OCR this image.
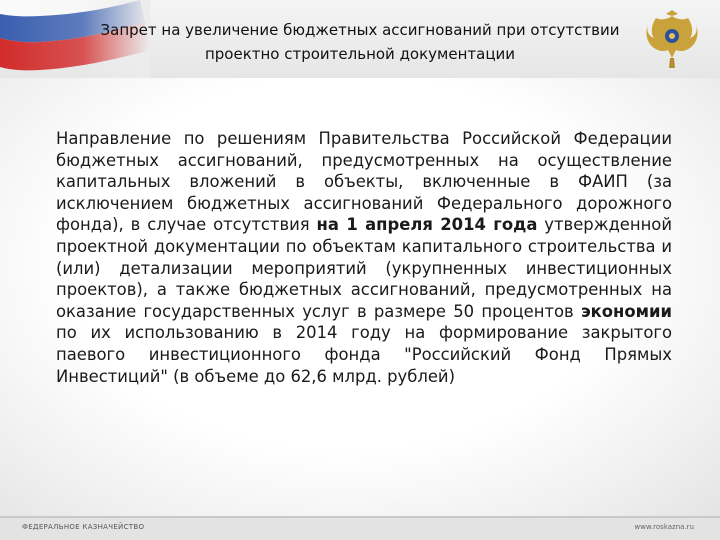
Запрет на увеличение бюджетных ассигнований при отсутствии
проектно строительной документации
Направление по решениям Правительства Российской Федерации бюджетных ассигнований, предусмотренных на осуществление капитальных вложений в объекты, включенные в ФАИП (за исключением бюджетных ассигнований Федерального дорожного фонда), в случае отсутствия на 1 апреля 2014 года утвержденной проектной документации по объектам капитального строительства и (или) детализации мероприятий (укрупненных инвестиционных проектов), а также бюджетных ассигнований, предусмотренных на оказание государственных услуг в размере 50 процентов экономии по их использованию в 2014 году на формирование закрытого паевого инвестиционного фонда "Российский Фонд Прямых Инвестиций" (в объеме до 62,6 млрд. рублей)
ФЕДЕРАЛЬНОЕ КАЗНАЧЕЙСТВО	www.roskazna.ru
